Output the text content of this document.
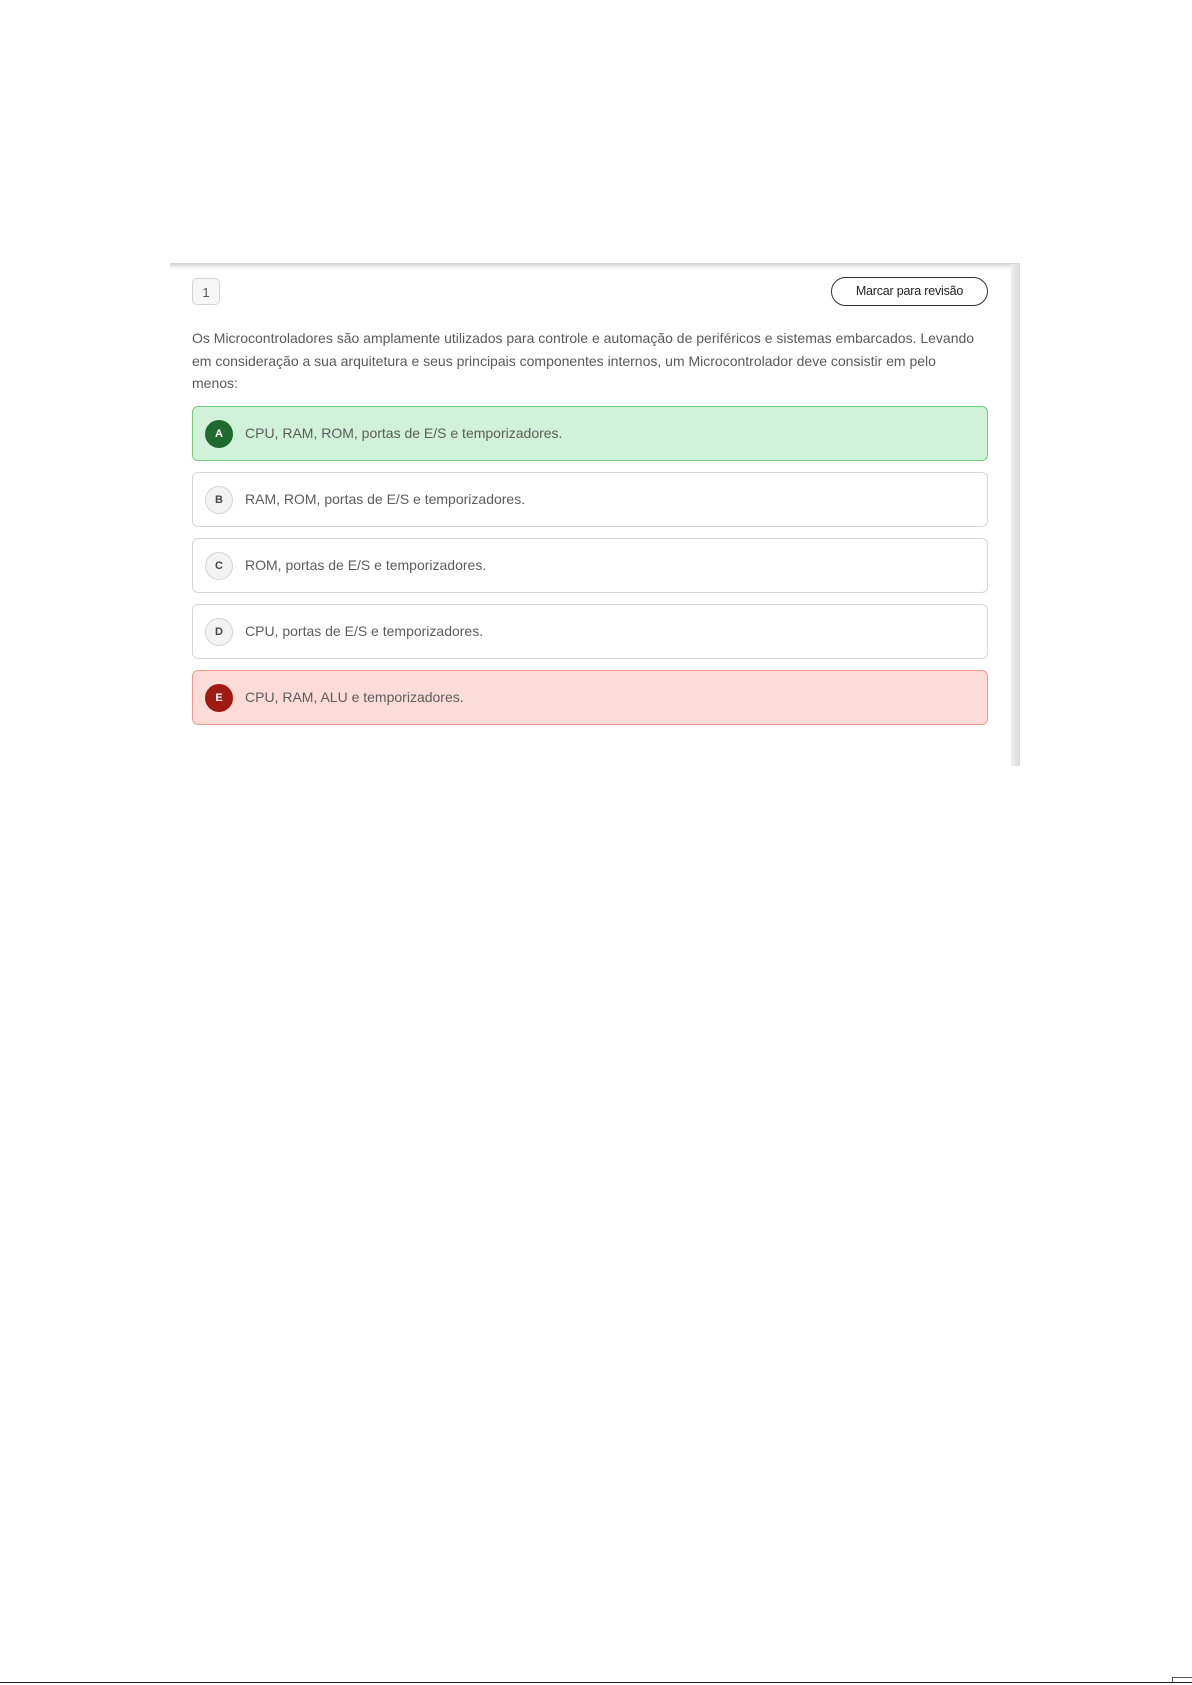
1	Marcar para revisão
Os Microcontroladores são amplamente utilizados para controle e automação de periféricos e sistemas embarcados. Levando em consideração a sua arquitetura e seus principais componentes internos, um Microcontrolador deve consistir em pelo menos:
A	CPU, RAM, ROM, portas de E/S e temporizadores.
B	RAM, ROM, portas de E/S e temporizadores.
C	ROM, portas de E/S e temporizadores.
D	CPU, portas de E/S e temporizadores.
E	CPU, RAM, ALU e temporizadores.
